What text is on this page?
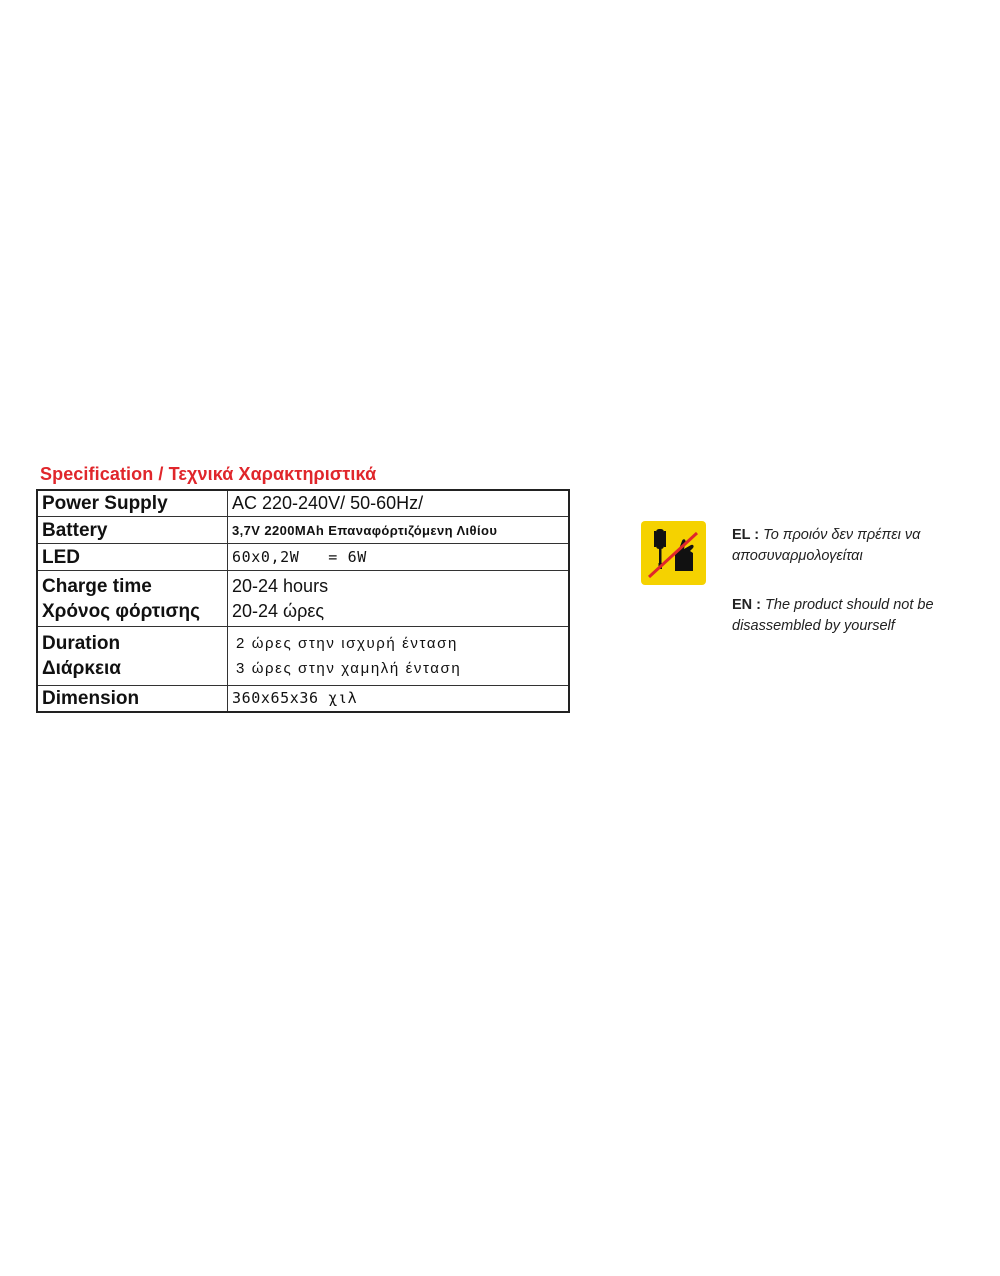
Specification / Τεχνικά Χαρακτηριστικά
Power Supply	AC 220-240V/ 50-60Hz/

Battery	3,7V 2200MAh Επαναφόρτιζόμενη Λιθίου

LED	60x0,2W   = 6W

Charge time
Χρόνος φόρτισης	20-24 hours
20-24 ώρες

Duration
Διάρκεια	2 ώρες στην ισχυρή ένταση
3 ώρες στην χαμηλή ένταση

Dimension	360x65x36 χιλ
EL : Το προιόν δεν πρέπει να
αποσυναρμολογείται
EN : The product should not be
disassembled by yourself
